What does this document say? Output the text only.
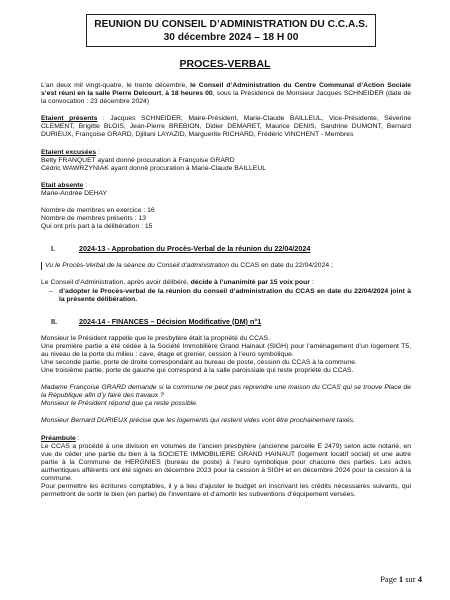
REUNION DU CONSEIL D’ADMINISTRATION DU C.C.A.S.
30 décembre 2024 – 18 H 00
PROCES-VERBAL

L’an deux mil vingt-quatre, le trente décembre, le Conseil d’Administration du Centre Communal d’Action Sociale s’est réuni en la salle Pierre Delcourt, à 18 heures 00, sous la Présidence de Monsieur Jacques SCHNEIDER (date de la convocation : 23 décembre 2024)

Etaient présents : Jacques SCHNEIDER, Maire-Président, Marie-Claude BAILLEUL, Vice-Présidente, Séverine CLEMENT, Brigitte BLOIS, Jean-Pierre BREBION, Didier DEMARET, Maurice DENIS, Sandrine DUMONT, Bernard DURIEUX, Françoise GRARD, Djillani LAYAZID, Marguerite RICHARD, Frédéric VINCHENT - Membres

Etaient excusées :

Betty FRANQUET ayant donné procuration à Françoise GRARD

Cédric WAWRZYNIAK ayant donné procuration à Marie-Claude BAILLEUL

Etait absente :

Marie-Andrée DEHAY

Nombre de membres en exercice : 16

Nombre de membres présents : 13

Qui ont pris part à la délibération : 15

I.	2024-13 - Approbation du Procès-Verbal de la réunion du 22/04/2024

Vu le Procès-Verbal de la séance du Conseil d’administration du CCAS en date du 22/04/2024 ;

Le Conseil d’Administration, après avoir délibéré, décide à l’unanimité par 15 voix pour :

– d’adopter le Procès-verbal de la réunion du conseil d’administration du CCAS en date du 22/04/2024 joint à la présente délibération.

II.	2024-14 - FINANCES – Décision Modificative (DM) n°1

Monsieur le Président rappelle que le presbytère était la propriété du CCAS.

Une première partie a été cédée à la Société Immobilière Grand Hainaut (SIGH) pour l’aménagement d’un logement T5, au niveau de la porte du milieu : cave, étage et grenier, cession à l’euro symbolique.

Une seconde partie, porte de droite correspondant au bureau de poste, cession du CCAS à la commune.

Une troisième partie, porte de gauche qui correspond à la salle paroissiale qui reste propriété du CCAS.

Madame Françoise GRARD demande si la commune ne peut pas reprendre une maison du CCAS qui se trouve Place de la République afin d’y faire des travaux ?

Monsieur le Président répond que ça reste possible.

Monsieur Bernard DURIEUX précise que les logements qui restent vides vont être prochainement taxés.

Préambule :

Le CCAS a procédé à une division en volumes de l’ancien presbytère (ancienne parcelle E 2479) selon acte notarié, en vue de céder une partie du bien à la SOCIETE IMMOBILIERE GRAND HAINAUT (logement locatif social) et une autre partie à la Commune de HERGNIES (bureau de poste) à l’euro symbolique pour chacune des parties. Les actes authentiques afférents ont été signés en décembre 2023 pour la cession à SIGH et en décembre 2024 pour la cession à la commune.

Pour permettre les écritures comptables, il y a lieu d’ajuster le budget en inscrivant les crédits nécessaires suivants, qui permettront de sortir le bien (en partie) de l’inventaire et d’amortir les subventions d’équipement versées.

Page 1 sur 4
